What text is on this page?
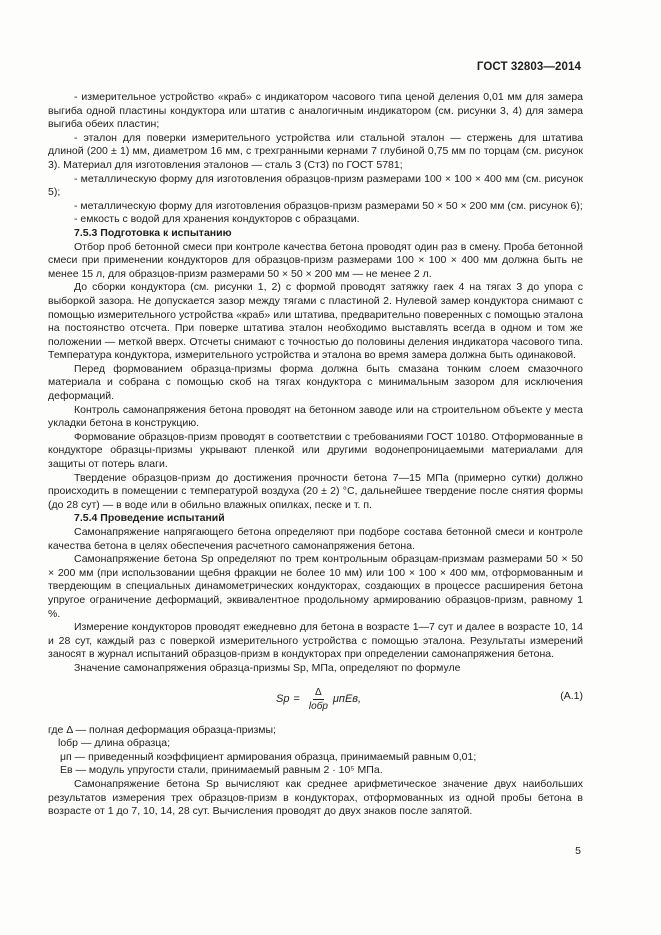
ГОСТ 32803—2014

- измерительное устройство «краб» с индикатором часового типа ценой деления 0,01 мм для замера выгиба одной пластины кондуктора или штатив с аналогичным индикатором (см. рисунки 3, 4) для замера выгиба обеих пластин;

- эталон для поверки измерительного устройства или стальной эталон — стержень для штатива длиной (200 ± 1) мм, диаметром 16 мм, с трехгранными кернами 7 глубиной 0,75 мм по торцам (см. рисунок 3). Материал для изготовления эталонов — сталь 3 (Ст3) по ГОСТ 5781;

- металлическую форму для изготовления образцов-призм размерами 100 × 100 × 400 мм (см. рисунок 5);

- металлическую форму для изготовления образцов-призм размерами 50 × 50 × 200 мм (см. рисунок 6);

- емкость с водой для хранения кондукторов с образцами.

7.5.3 Подготовка к испытанию

Отбор проб бетонной смеси при контроле качества бетона проводят один раз в смену. Проба бетонной смеси при применении кондукторов для образцов-призм размерами 100 × 100 × 400 мм должна быть не менее 15 л, для образцов-призм размерами 50 × 50 × 200 мм — не менее 2 л.

До сборки кондуктора (см. рисунки 1, 2) с формой проводят затяжку гаек 4 на тягах 3 до упора с выборкой зазора. Не допускается зазор между тягами с пластиной 2. Нулевой замер кондуктора снимают с помощью измерительного устройства «краб» или штатива, предварительно поверенных с помощью эталона на постоянство отсчета. При поверке штатива эталон необходимо выставлять всегда в одном и том же положении — меткой вверх. Отсчеты снимают с точностью до половины деления индикатора часового типа. Температура кондуктора, измерительного устройства и эталона во время замера должна быть одинаковой.

Перед формованием образца-призмы форма должна быть смазана тонким слоем смазочного материала и собрана с помощью скоб на тягах кондуктора с минимальным зазором для исключения деформаций.

Контроль самонапряжения бетона проводят на бетонном заводе или на строительном объекте у места укладки бетона в конструкцию.

Формование образцов-призм проводят в соответствии с требованиями ГОСТ 10180. Отформованные в кондукторе образцы-призмы укрывают пленкой или другими водонепроницаемыми материалами для защиты от потерь влаги.

Твердение образцов-призм до достижения прочности бетона 7—15 МПа (примерно сутки) должно происходить в помещении с температурой воздуха (20 ± 2) °С, дальнейшее твердение после снятия формы (до 28 сут) — в воде или в обильно влажных опилках, песке и т. п.

7.5.4 Проведение испытаний

Самонапряжение напрягающего бетона определяют при подборе состава бетонной смеси и контроле качества бетона в целях обеспечения расчетного самонапряжения бетона.

Самонапряжение бетона Sp определяют по трем контрольным образцам-призмам размерами 50 × 50 × 200 мм (при использовании щебня фракции не более 10 мм) или 100 × 100 × 400 мм, отформованным и твердеющим в специальных динамометрических кондукторах, создающих в процессе расширения бетона упругое ограничение деформаций, эквивалентное продольному армированию образцов-призм, равному 1 %.

Измерение кондукторов проводят ежедневно для бетона в возрасте 1—7 сут и далее в возрасте 10, 14 и 28 сут, каждый раз с поверкой измерительного устройства с помощью эталона. Результаты измерений заносят в журнал испытаний образцов-призм в кондукторах при определении самонапряжения бетона.

Значение самонапряжения образца-призмы Sp, МПа, определяют по формуле

$Sp = \frac{\Delta}{\text{lобр}} \mu пEв$,	(А.1)
где Δ — полная деформация образца-призмы;
lобр — длина образца;
μп — приведенный коэффициент армирования образца, принимаемый равным 0,01;
Ев — модуль упругости стали, принимаемый равным 2 · 10⁵ МПа.

Самонапряжение бетона Sp вычисляют как среднее арифметическое значение двух наибольших результатов измерения трех образцов-призм в кондукторах, отформованных из одной пробы бетона в возрасте от 1 до 7, 10, 14, 28 сут. Вычисления проводят до двух знаков после запятой.

5
